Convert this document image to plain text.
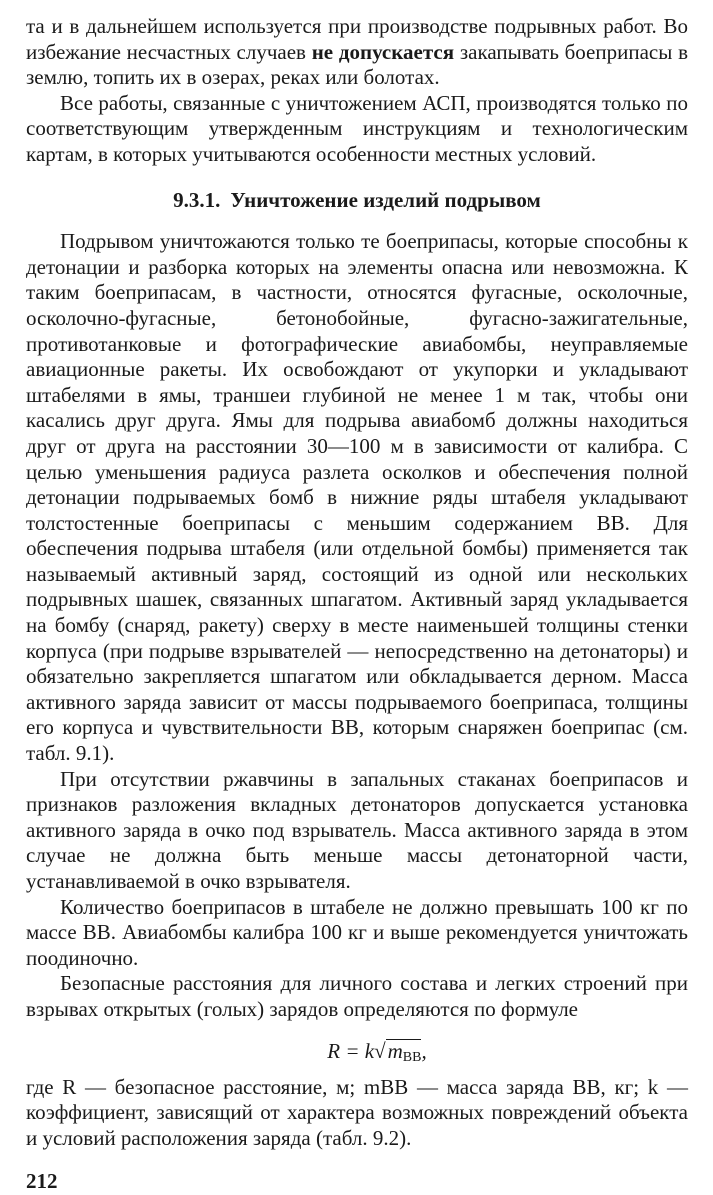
та и в дальнейшем используется при производстве подрывных работ. Во избежание несчастных случаев не допускается закапывать боеприпасы в землю, топить их в озерах, реках или болотах.

Все работы, связанные с уничтожением АСП, производятся только по соответствующим утвержденным инструкциям и технологическим картам, в которых учитываются особенности местных условий.

9.3.1. Уничтожение изделий подрывом

Подрывом уничтожаются только те боеприпасы, которые способны к детонации и разборка которых на элементы опасна или невозможна. К таким боеприпасам, в частности, относятся фугасные, осколочные, осколочно-фугасные, бетонобойные, фугасно-зажигательные, противотанковые и фотографические авиабомбы, неуправляемые авиационные ракеты. Их освобождают от укупорки и укладывают штабелями в ямы, траншеи глубиной не менее 1 м так, чтобы они касались друг друга. Ямы для подрыва авиабомб должны находиться друг от друга на расстоянии 30—100 м в зависимости от калибра. С целью уменьшения радиуса разлета осколков и обеспечения полной детонации подрываемых бомб в нижние ряды штабеля укладывают толстостенные боеприпасы с меньшим содержанием ВВ. Для обеспечения подрыва штабеля (или отдельной бомбы) применяется так называемый активный заряд, состоящий из одной или нескольких подрывных шашек, связанных шпагатом. Активный заряд укладывается на бомбу (снаряд, ракету) сверху в месте наименьшей толщины стенки корпуса (при подрыве взрывателей — непосредственно на детонаторы) и обязательно закрепляется шпагатом или обкладывается дерном. Масса активного заряда зависит от массы подрываемого боеприпаса, толщины его корпуса и чувствительности ВВ, которым снаряжен боеприпас (см. табл. 9.1).

При отсутствии ржавчины в запальных стаканах боеприпасов и признаков разложения вкладных детонаторов допускается установка активного заряда в очко под взрыватель. Масса активного заряда в этом случае не должна быть меньше массы детонаторной части, устанавливаемой в очко взрывателя.

Количество боеприпасов в штабеле не должно превышать 100 кг по массе ВВ. Авиабомбы калибра 100 кг и выше рекомендуется уничтожать поодиночно.

Безопасные расстояния для личного состава и легких строений при взрывах открытых (голых) зарядов определяются по формуле

$R = k√m_{ВВ}$,

где R — безопасное расстояние, м; mВВ — масса заряда ВВ, кг; k — коэффициент, зависящий от характера возможных повреждений объекта и условий расположения заряда (табл. 9.2).

212
